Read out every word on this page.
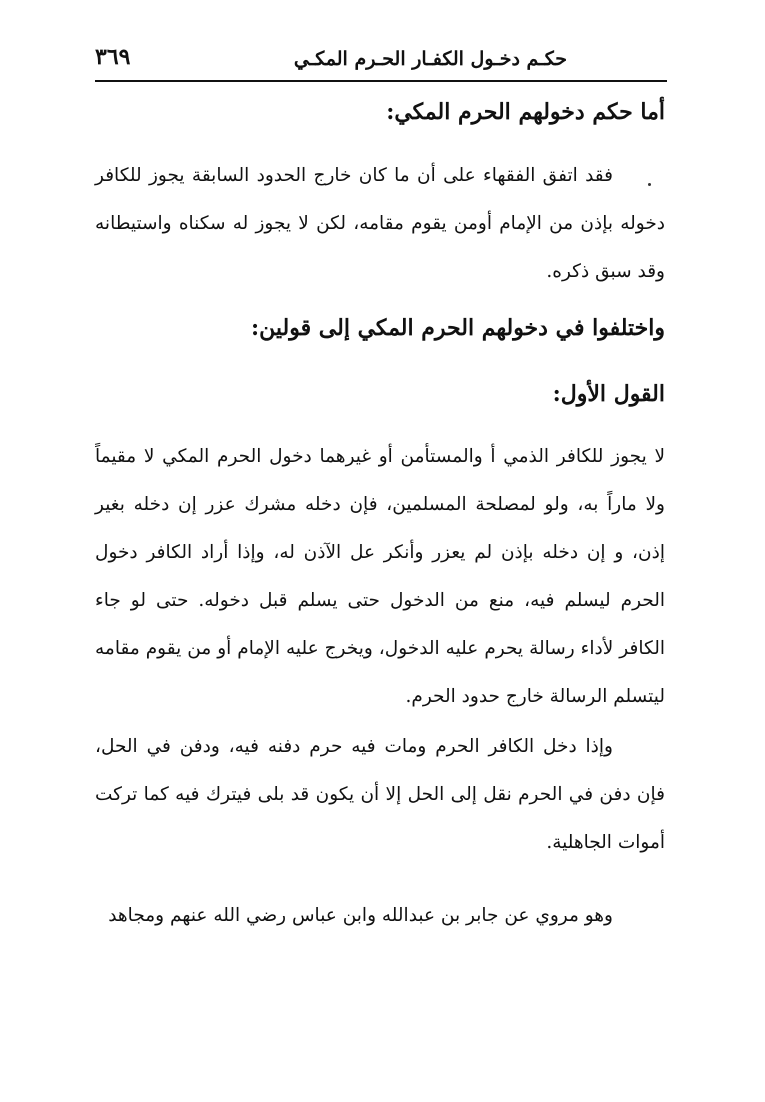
حكـم دخـول الكفـار الحـرم المكـي
٣٦٩
أما حكم دخولهم الحرم المكي:

فقد اتفق الفقهاء على أن ما كان خارج الحدود السابقة يجوز للكافر دخوله بإذن من الإمام أومن يقوم مقامه، لكن لا يجوز له سكناه واستيطانه وقد سبق ذكره.

واختلفوا في دخولهم الحرم المكي إلى قولين:
القول الأول:

لا يجوز للكافر الذمي أ والمستأمن أو غيرهما دخول الحرم المكي لا مقيماً ولا ماراً به، ولو لمصلحة المسلمين، فإن دخله مشرك عزر إن دخله بغير إذن، و إن دخله بإذن لم يعزر وأنكر عل الآذن له، وإذا أراد الكافر دخول الحرم ليسلم فيه، منع من الدخول حتى يسلم قبل دخوله. حتى لو جاء الكافر لأداء رسالة يحرم عليه الدخول، ويخرج عليه الإمام أو من يقوم مقامه ليتسلم الرسالة خارج حدود الحرم.

وإذا دخل الكافر الحرم ومات فيه حرم دفنه فيه، ودفن في الحل، فإن دفن في الحرم نقل إلى الحل إلا أن يكون قد بلى فيترك فيه كما تركت أموات الجاهلية.

وهو مروي عن جابر بن عبدالله وابن عباس رضي الله عنهم ومجاهد
